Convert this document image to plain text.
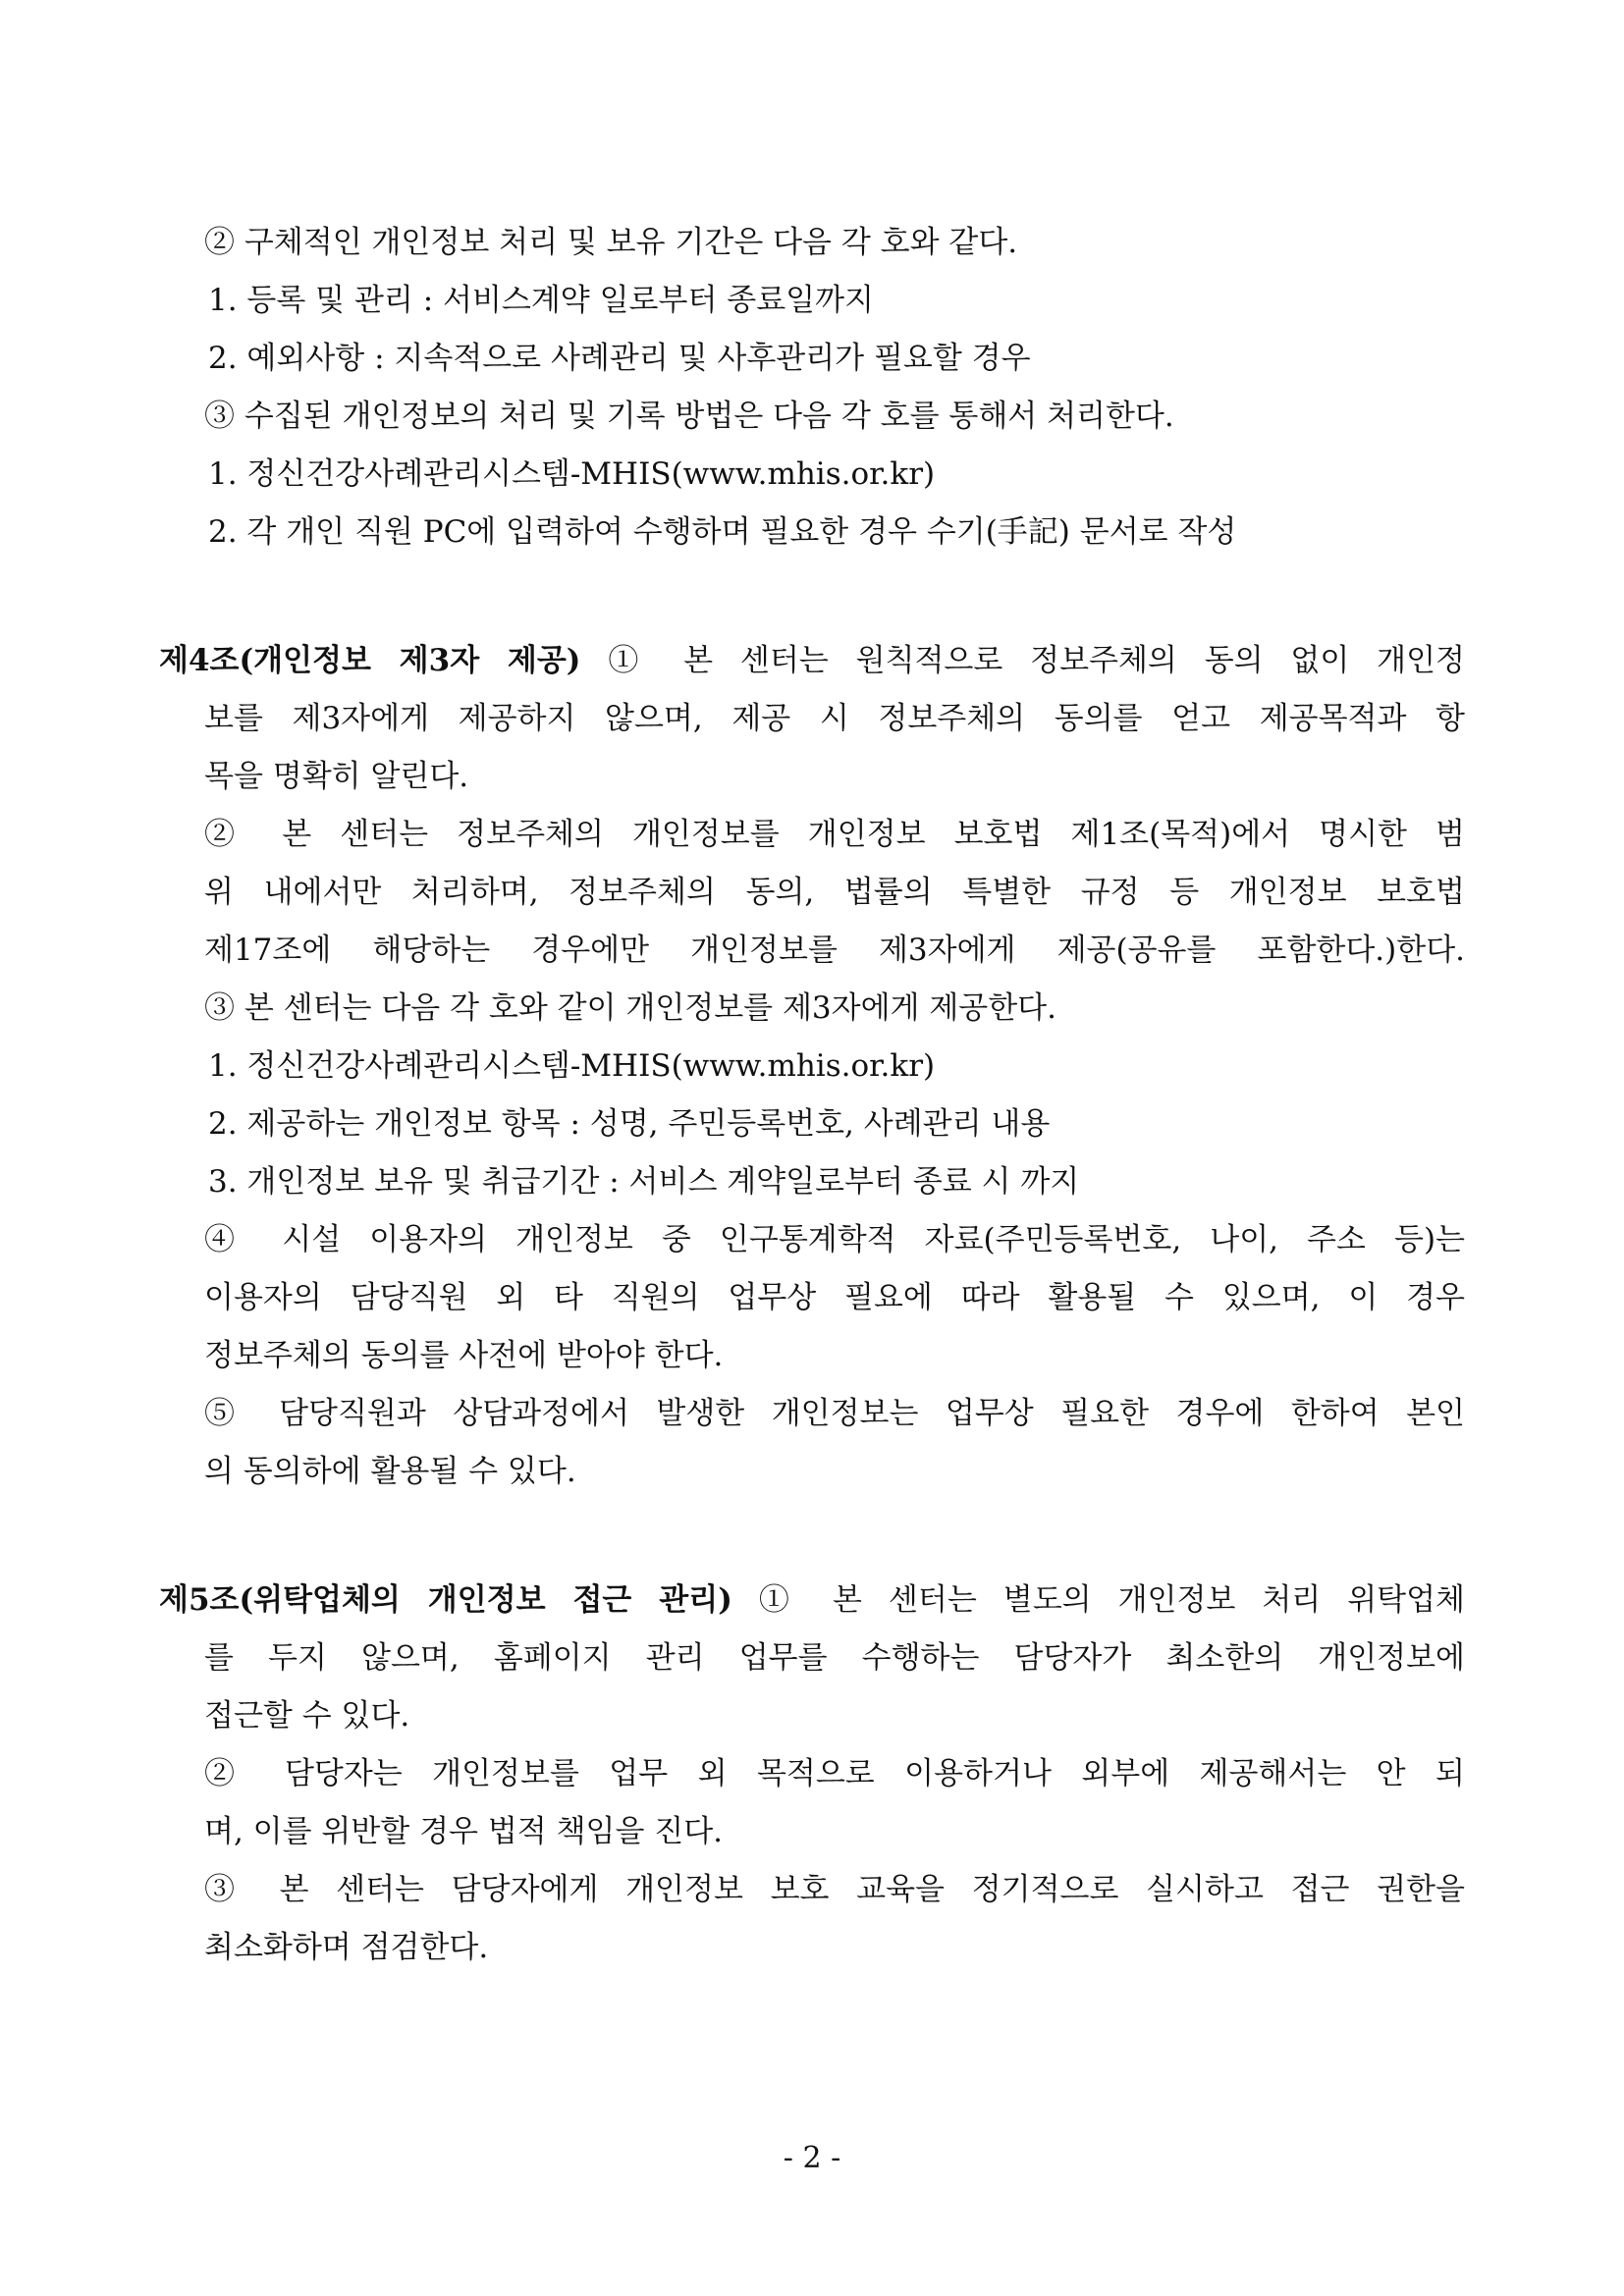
② 구체적인 개인정보 처리 및 보유 기간은 다음 각 호와 같다.
1. 등록 및 관리 : 서비스계약 일로부터 종료일까지
2. 예외사항 : 지속적으로 사례관리 및 사후관리가 필요할 경우
③ 수집된 개인정보의 처리 및 기록 방법은 다음 각 호를 통해서 처리한다.
1. 정신건강사례관리시스템-MHIS(www.mhis.or.kr)
2. 각 개인 직원 PC에 입력하여 수행하며 필요한 경우 수기(手記) 문서로 작성
제4조(개인정보 제3자 제공) ① 본 센터는 원칙적으로 정보주체의 동의 없이 개인정
보를 제3자에게 제공하지 않으며, 제공 시 정보주체의 동의를 얻고 제공목적과 항
목을 명확히 알린다.
② 본 센터는 정보주체의 개인정보를 개인정보 보호법 제1조(목적)에서 명시한 범
위 내에서만 처리하며, 정보주체의 동의, 법률의 특별한 규정 등 개인정보 보호법
제17조에 해당하는 경우에만 개인정보를 제3자에게 제공(공유를 포함한다.)한다.
③ 본 센터는 다음 각 호와 같이 개인정보를 제3자에게 제공한다.
1. 정신건강사례관리시스템-MHIS(www.mhis.or.kr)
2. 제공하는 개인정보 항목 : 성명, 주민등록번호, 사례관리 내용
3. 개인정보 보유 및 취급기간 : 서비스 계약일로부터 종료 시 까지
④ 시설 이용자의 개인정보 중 인구통계학적 자료(주민등록번호, 나이, 주소 등)는
이용자의 담당직원 외 타 직원의 업무상 필요에 따라 활용될 수 있으며, 이 경우
정보주체의 동의를 사전에 받아야 한다.
⑤ 담당직원과 상담과정에서 발생한 개인정보는 업무상 필요한 경우에 한하여 본인
의 동의하에 활용될 수 있다.
제5조(위탁업체의 개인정보 접근 관리) ① 본 센터는 별도의 개인정보 처리 위탁업체
를 두지 않으며, 홈페이지 관리 업무를 수행하는 담당자가 최소한의 개인정보에
접근할 수 있다.
② 담당자는 개인정보를 업무 외 목적으로 이용하거나 외부에 제공해서는 안 되
며, 이를 위반할 경우 법적 책임을 진다.
③ 본 센터는 담당자에게 개인정보 보호 교육을 정기적으로 실시하고 접근 권한을
최소화하며 점검한다.
- 2 -
